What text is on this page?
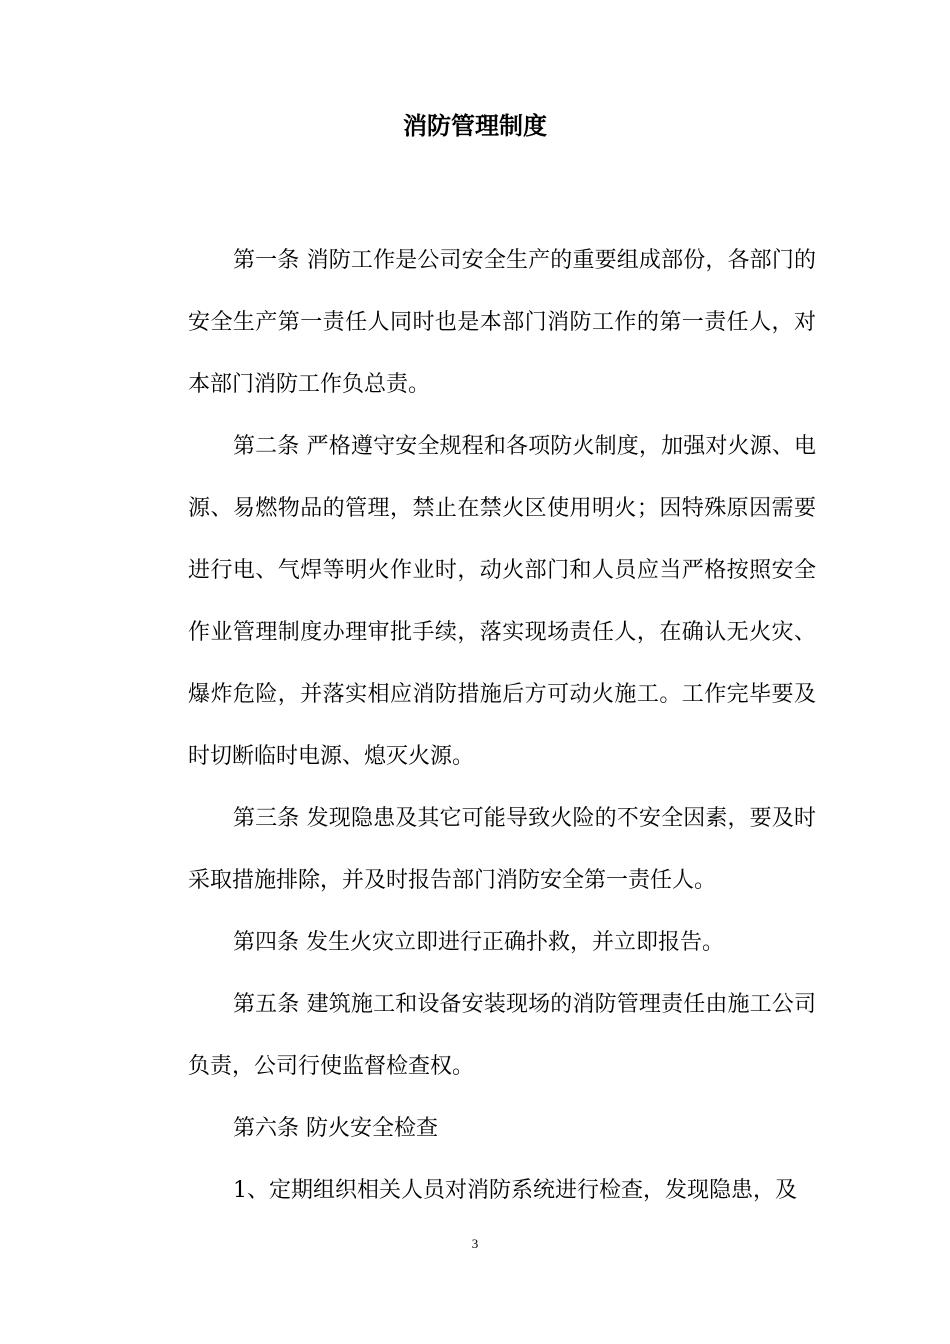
消防管理制度

第一条 消防工作是公司安全生产的重要组成部份，各部门的安全生产第一责任人同时也是本部门消防工作的第一责任人，对本部门消防工作负总责。

第二条 严格遵守安全规程和各项防火制度，加强对火源、电源、易燃物品的管理，禁止在禁火区使用明火；因特殊原因需要进行电、气焊等明火作业时，动火部门和人员应当严格按照安全作业管理制度办理审批手续，落实现场责任人，在确认无火灾、爆炸危险，并落实相应消防措施后方可动火施工。工作完毕要及时切断临时电源、熄灭火源。

第三条 发现隐患及其它可能导致火险的不安全因素，要及时采取措施排除，并及时报告部门消防安全第一责任人。

第四条 发生火灾立即进行正确扑救，并立即报告。

第五条 建筑施工和设备安装现场的消防管理责任由施工公司负责，公司行使监督检查权。

第六条 防火安全检查

1、定期组织相关人员对消防系统进行检查，发现隐患，及

3
